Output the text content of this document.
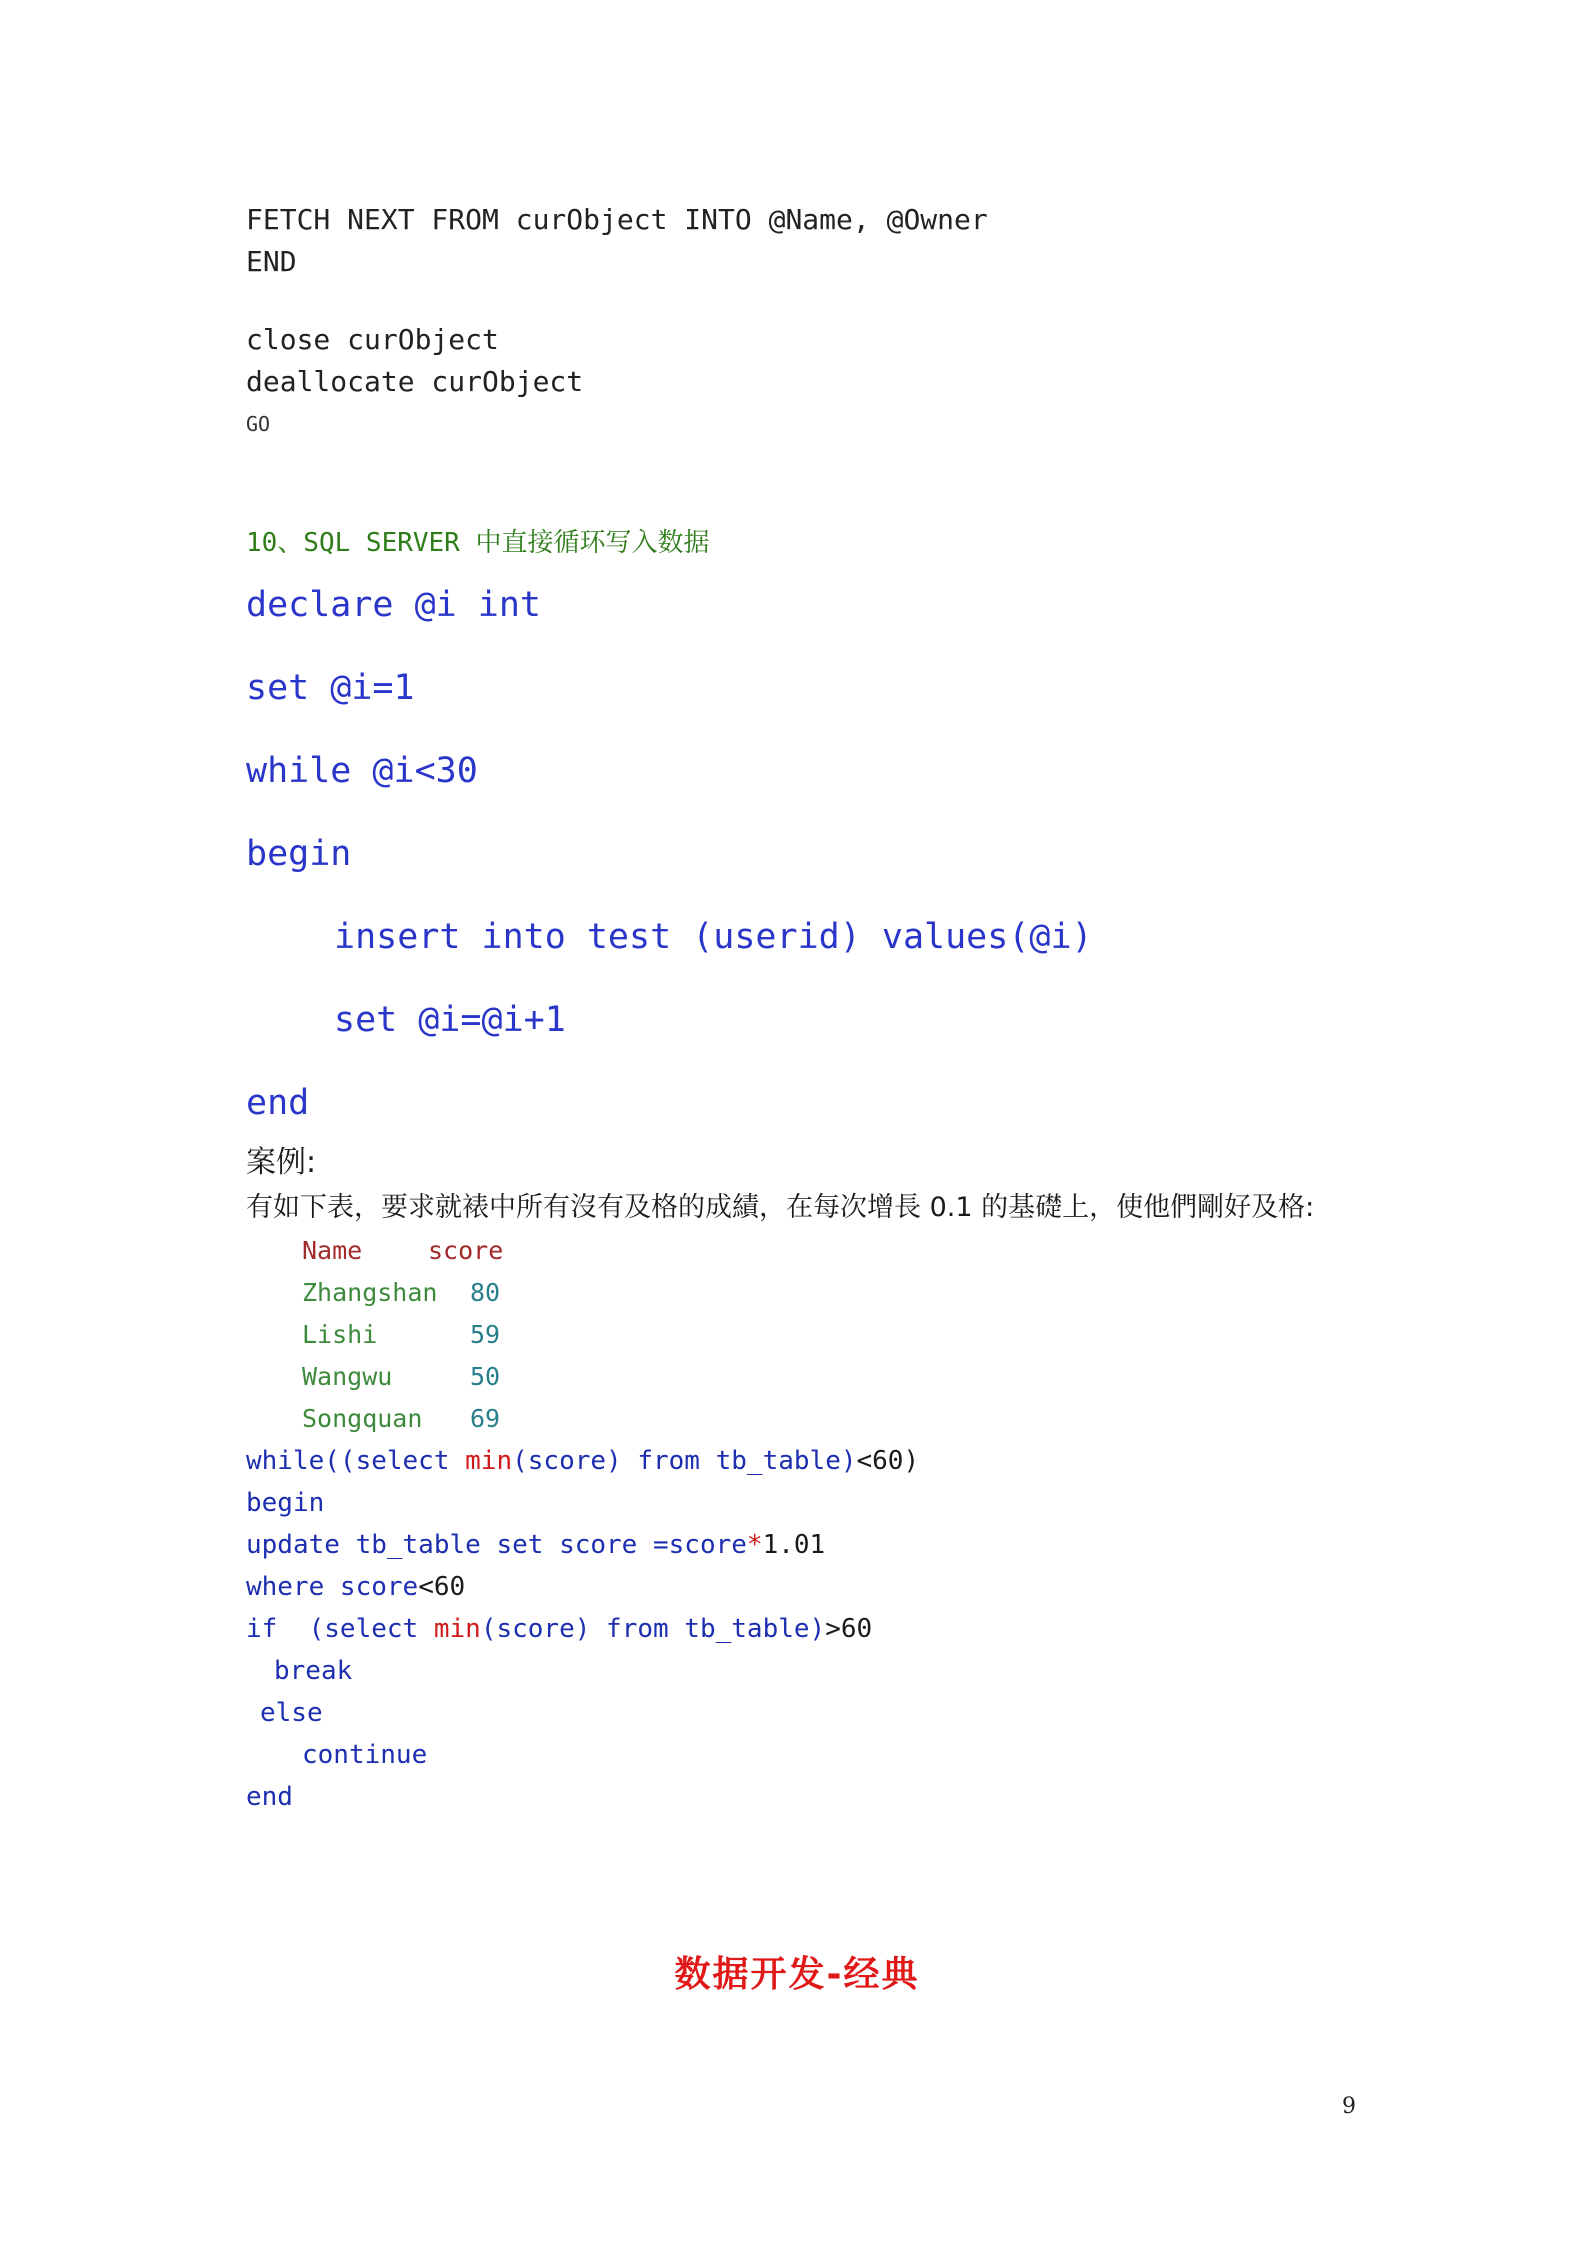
FETCH NEXT FROM curObject INTO @Name, @Owner
END
close curObject
deallocate curObject
GO
10、SQL SERVER 中直接循环写入数据
declare @i int
set @i=1
while @i<30
begin
insert into test (userid) values(@i)
set @i=@i+1
end
案例:
有如下表，要求就裱中所有沒有及格的成績，在每次增長 0.1 的基礎上，使他們剛好及格:
Name	score
Zhangshan 80
Lishi	59
Wangwu	50
Songquan 69
while((select min(score) from tb_table)<60)
begin
update tb_table set score =score*1.01
where score<60
if  (select min(score) from tb_table)>60
break
else
continue
end
数据开发-经典
9
